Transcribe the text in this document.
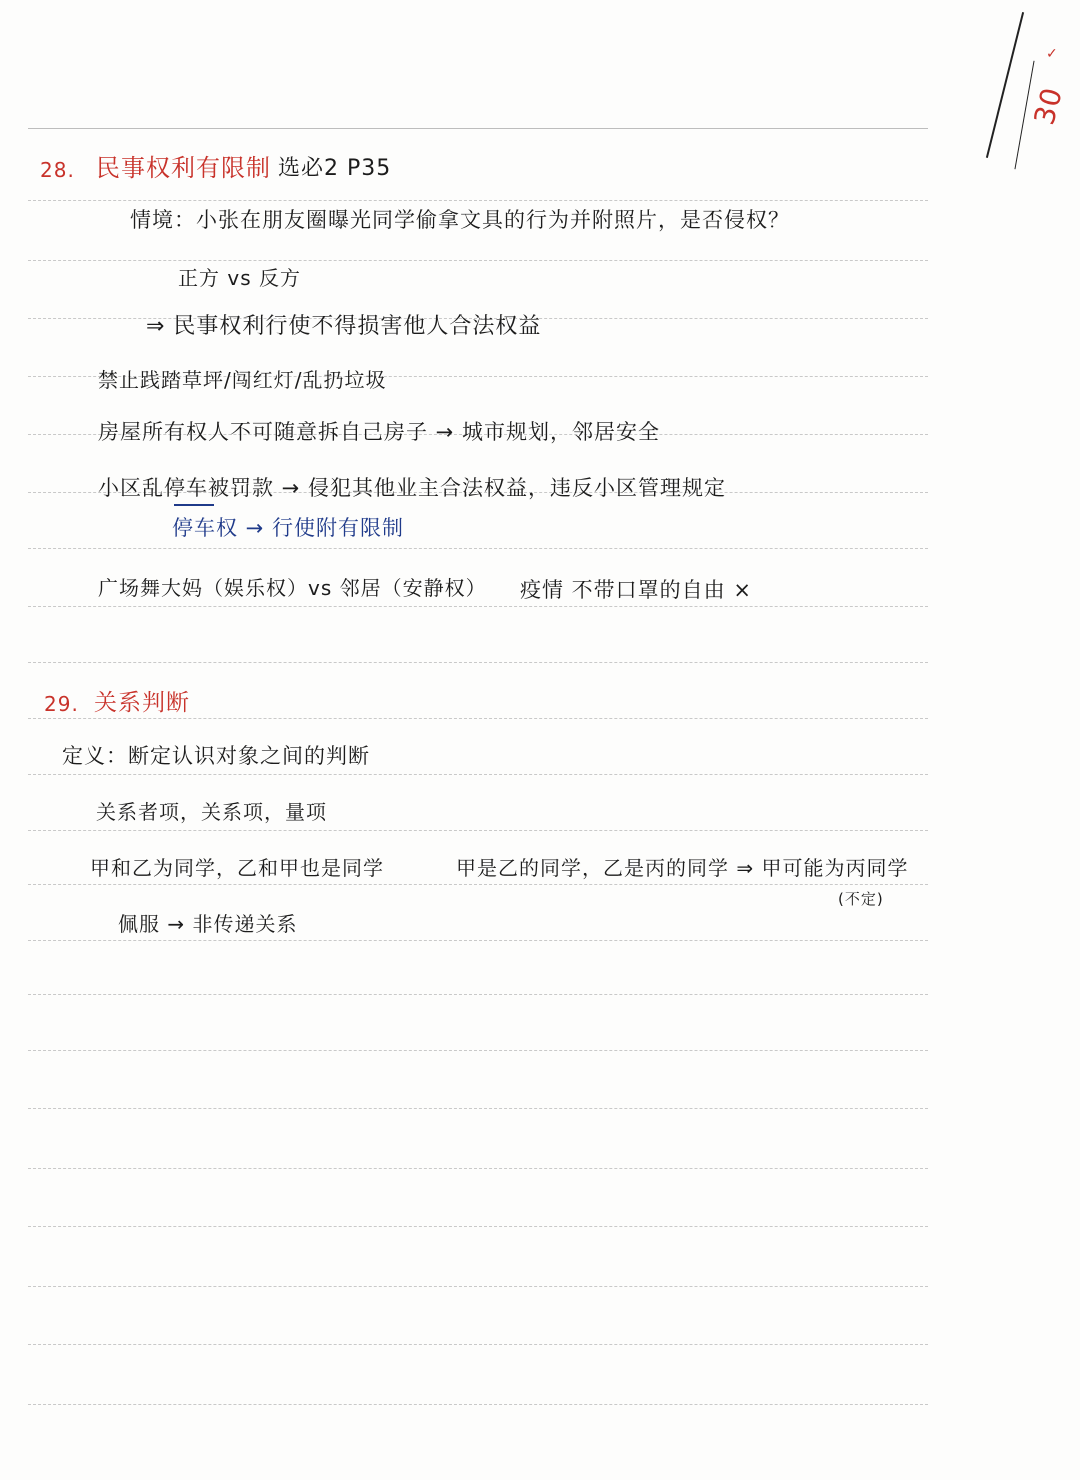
✓
30
28. 民事权利有限制 选必2 P35
情境：小张在朋友圈曝光同学偷拿文具的行为并附照片，是否侵权？
正方 vs 反方
⇒ 民事权利行使不得损害他人合法权益
禁止践踏草坪/闯红灯/乱扔垃圾
房屋所有权人不可随意拆自己房子 → 城市规划，邻居安全
小区乱停车被罚款 → 侵犯其他业主合法权益，违反小区管理规定
停车权 → 行使附有限制
广场舞大妈（娱乐权）vs 邻居（安静权） 疫情 不带口罩的自由 ×
29. 关系判断
定义：断定认识对象之间的判断
关系者项，关系项，量项
甲和乙为同学，乙和甲也是同学	甲是乙的同学，乙是丙的同学 ⇒ 甲可能为丙同学
(不定)
佩服 → 非传递关系
